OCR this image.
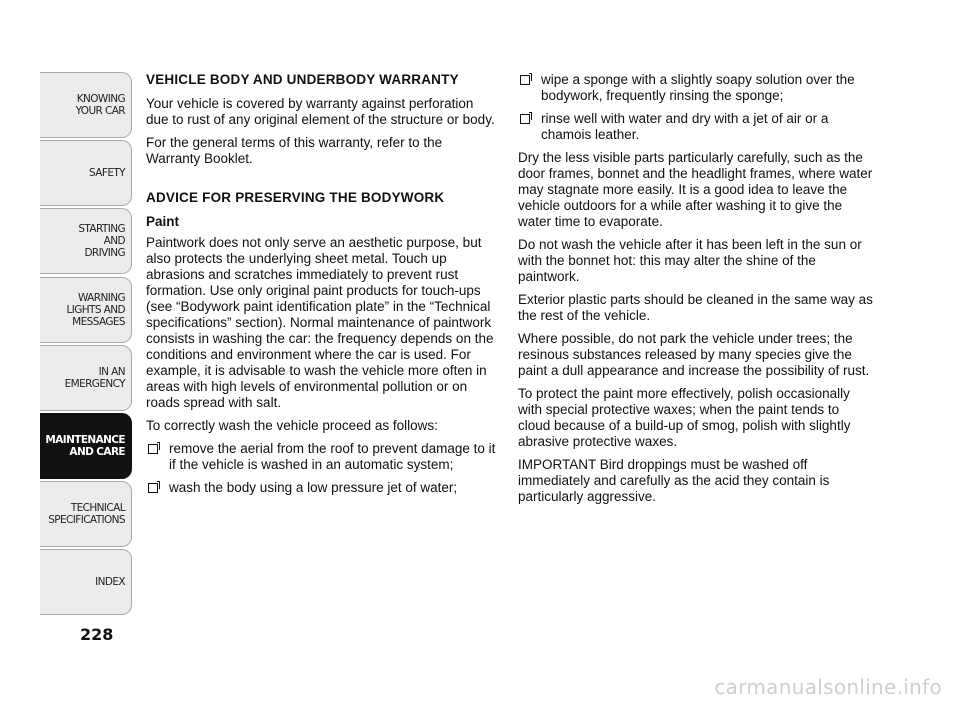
KNOWING
YOUR CAR
SAFETY
STARTING
AND
DRIVING
WARNING
LIGHTS AND
MESSAGES
IN AN
EMERGENCY
MAINTENANCE
AND CARE
TECHNICAL
SPECIFICATIONS
INDEX
228
VEHICLE BODY AND UNDERBODY WARRANTY

Your vehicle is covered by warranty against perforation due to rust of any original element of the structure or body.

For the general terms of this warranty, refer to the Warranty Booklet.

ADVICE FOR PRESERVING THE BODYWORK
Paint

Paintwork does not only serve an aesthetic purpose, but also protects the underlying sheet metal. Touch up abrasions and scratches immediately to prevent rust formation. Use only original paint products for touch-ups (see “Bodywork paint identification plate” in the “Technical specifications” section). Normal maintenance of paintwork consists in washing the car: the frequency depends on the conditions and environment where the car is used. For example, it is advisable to wash the vehicle more often in areas with high levels of environmental pollution or on roads spread with salt.

To correctly wash the vehicle proceed as follows:

remove the aerial from the roof to prevent damage to it if the vehicle is washed in an automatic system;
wash the body using a low pressure jet of water;
wipe a sponge with a slightly soapy solution over the bodywork, frequently rinsing the sponge;
rinse well with water and dry with a jet of air or a chamois leather.

Dry the less visible parts particularly carefully, such as the door frames, bonnet and the headlight frames, where water may stagnate more easily. It is a good idea to leave the vehicle outdoors for a while after washing it to give the water time to evaporate.

Do not wash the vehicle after it has been left in the sun or with the bonnet hot: this may alter the shine of the paintwork.

Exterior plastic parts should be cleaned in the same way as the rest of the vehicle.

Where possible, do not park the vehicle under trees; the resinous substances released by many species give the paint a dull appearance and increase the possibility of rust.

To protect the paint more effectively, polish occasionally with special protective waxes; when the paint tends to cloud because of a build-up of smog, polish with slightly abrasive protective waxes.

IMPORTANT Bird droppings must be washed off immediately and carefully as the acid they contain is particularly aggressive.

carmanualsonline.info
